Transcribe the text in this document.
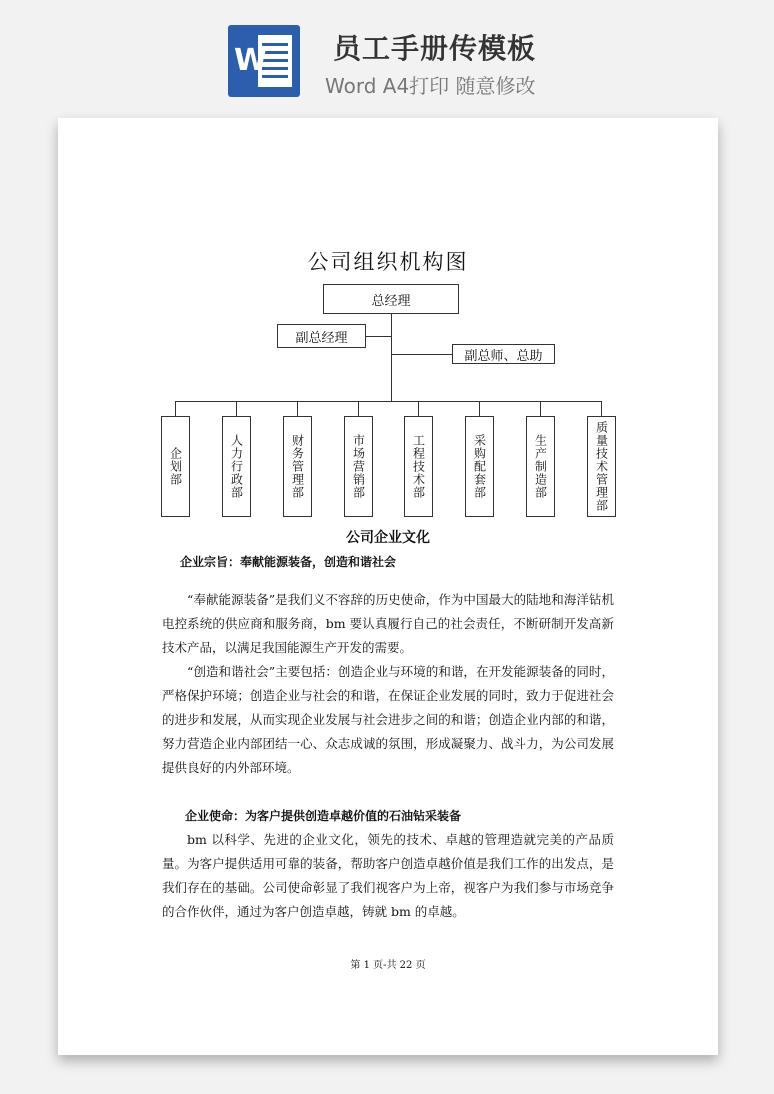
W 员工手册传模板
Word A4打印 随意修改
公司组织机构图
总经理
副总经理
副总师、总助
企划部	人力行政部	财务管理部	市场营销部	工程技术部	采购配套部	生产制造部	质量技术管理部
公司企业文化
企业宗旨：奉献能源装备，创造和谐社会

“奉献能源装备”是我们义不容辞的历史使命，作为中国最大的陆地和海洋钻机电控系统的供应商和服务商，bm 要认真履行自己的社会责任，不断研制开发高新技术产品，以满足我国能源生产开发的需要。

“创造和谐社会”主要包括：创造企业与环境的和谐，在开发能源装备的同时，严格保护环境；创造企业与社会的和谐，在保证企业发展的同时，致力于促进社会的进步和发展，从而实现企业发展与社会进步之间的和谐；创造企业内部的和谐，努力营造企业内部团结一心、众志成诚的氛围，形成凝聚力、战斗力，为公司发展提供良好的内外部环境。

企业使命：为客户提供创造卓越价值的石油钻采装备

bm 以科学、先进的企业文化，领先的技术、卓越的管理造就完美的产品质量。为客户提供适用可靠的装备，帮助客户创造卓越价值是我们工作的出发点，是我们存在的基础。公司使命彰显了我们视客户为上帝，视客户为我们参与市场竞争的合作伙伴，通过为客户创造卓越，铸就 bm 的卓越。

第 1 页-共 22 页
